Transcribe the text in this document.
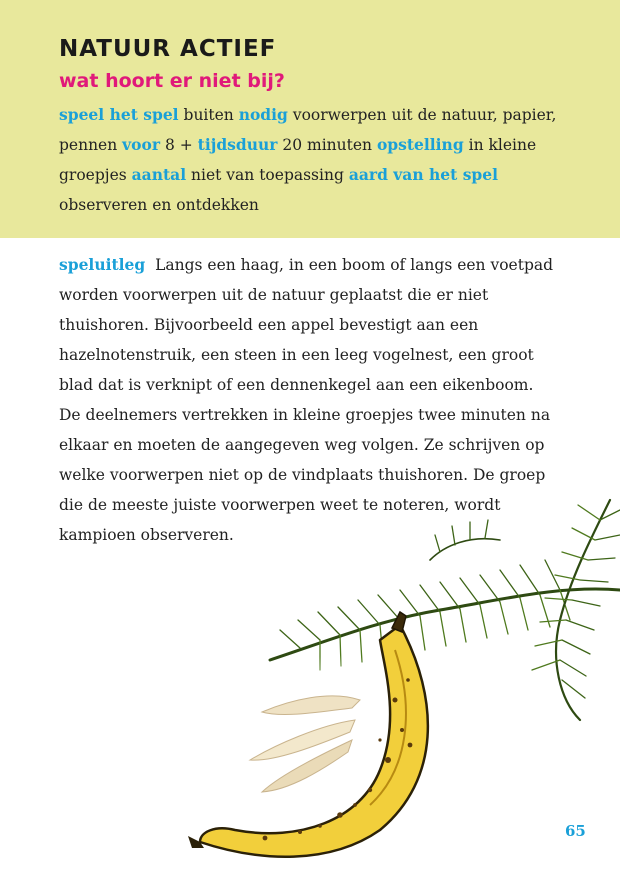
NATUUR ACTIEF
wat hoort er niet bij?

speel het spel buiten nodig voorwerpen uit de natuur, papier, pennen voor 8 + tijdsduur 20 minuten opstelling in kleine groepjes aantal niet van toepassing aard van het spel observeren en ontdekken

speluitleg Langs een haag, in een boom of langs een voetpad worden voorwerpen uit de natuur geplaatst die er niet thuishoren. Bijvoorbeeld een appel bevestigt aan een hazelnotenstruik, een steen in een leeg vogelnest, een groot blad dat is verknipt of een dennenkegel aan een eikenboom. De deelnemers vertrekken in kleine groepjes twee minuten na elkaar en moeten de aangegeven weg volgen. Ze schrijven op welke voorwerpen niet op de vindplaats thuishoren. De groep die de meeste juiste voorwerpen weet te noteren, wordt kampioen observeren.

65
